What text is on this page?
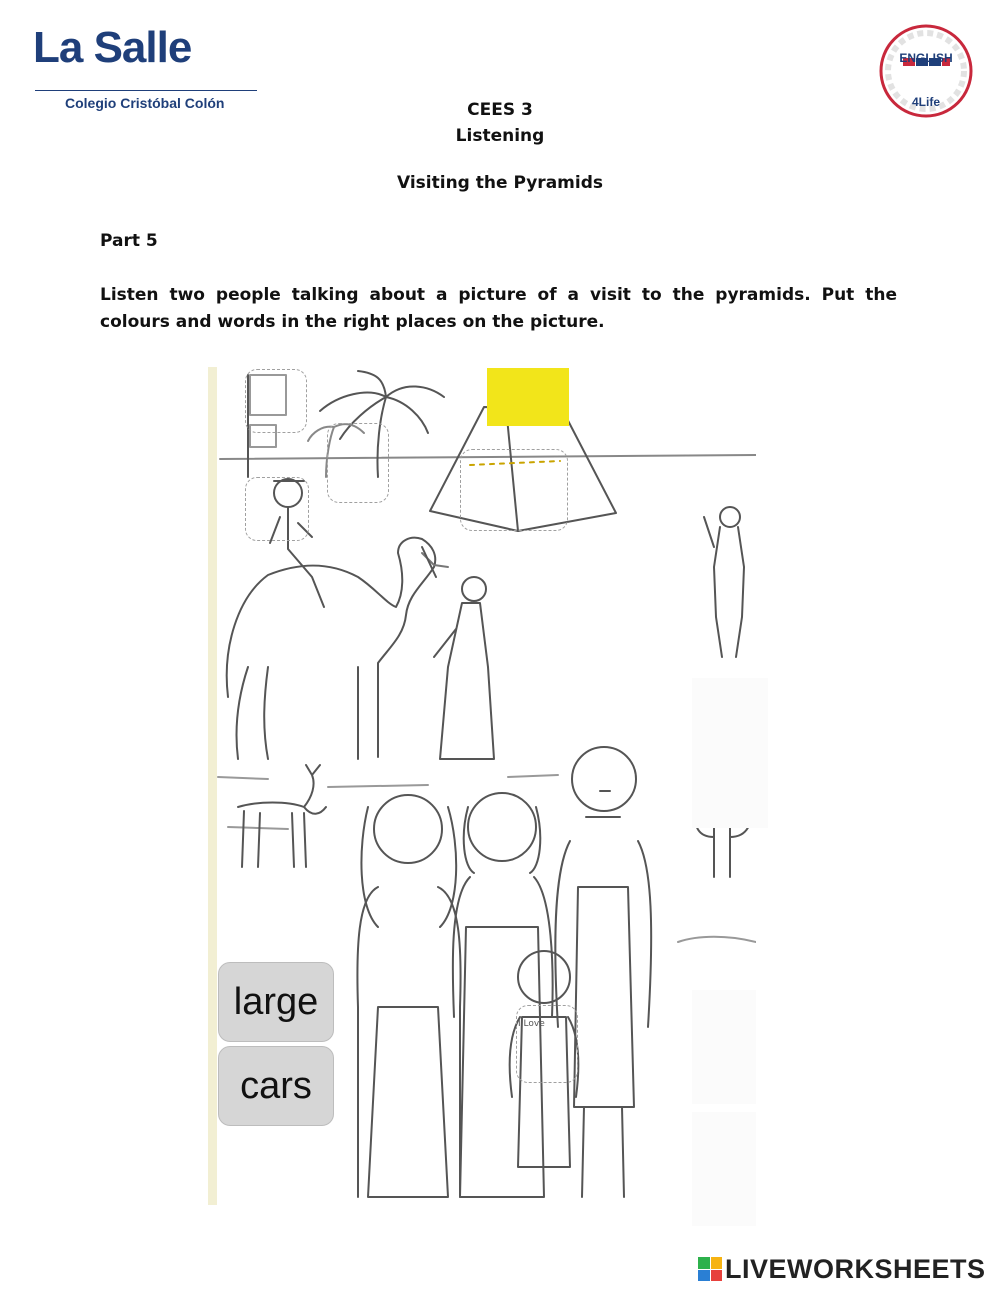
La Salle
Colegio Cristóbal Colón
ENGLISH 4Life
CEES 3
Listening
Visiting the Pyramids
Part 5
Listen two people talking about a picture of a visit to the pyramids. Put the colours and words in the right places on the picture.
I Love
large
cars
LIVEWORKSHEETS
